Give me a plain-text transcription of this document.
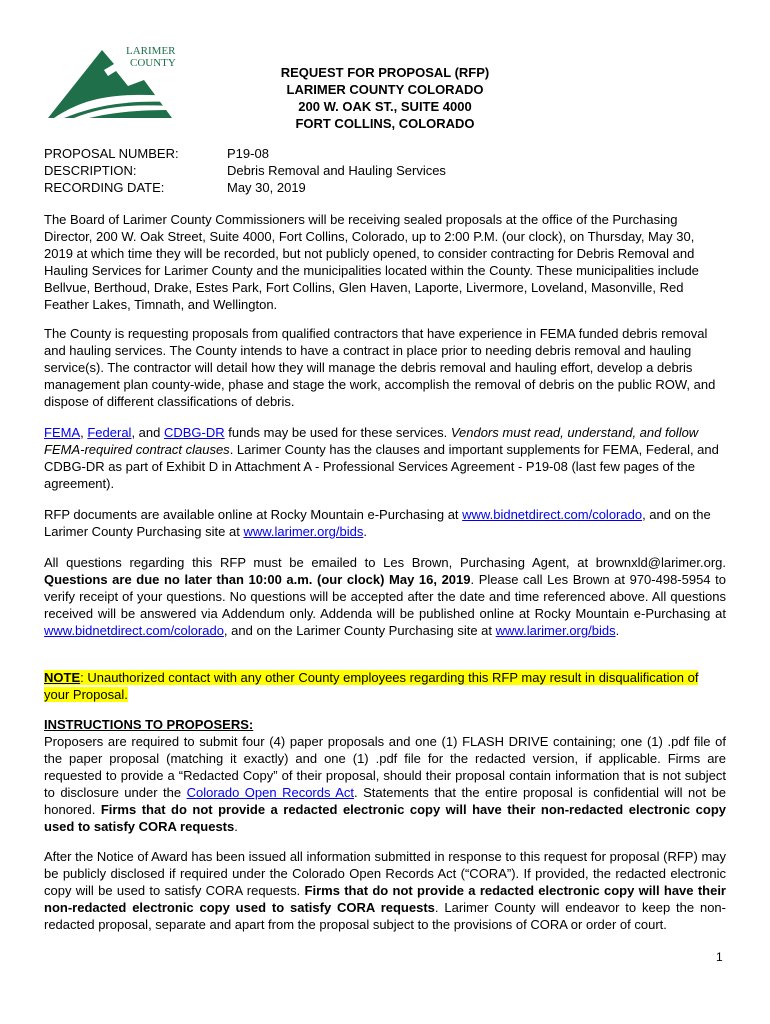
LARIMER
COUNTY
REQUEST FOR PROPOSAL (RFP)
LARIMER COUNTY COLORADO
200 W. OAK ST., SUITE 4000
FORT COLLINS, COLORADO
PROPOSAL NUMBER:	P19-08
DESCRIPTION:	Debris Removal and Hauling Services
RECORDING DATE:	May 30, 2019
The Board of Larimer County Commissioners will be receiving sealed proposals at the office of the Purchasing Director, 200 W. Oak Street, Suite 4000, Fort Collins, Colorado, up to 2:00 P.M. (our clock), on Thursday, May 30, 2019 at which time they will be recorded, but not publicly opened, to consider contracting for Debris Removal and Hauling Services for Larimer County and the municipalities located within the County. These municipalities include Bellvue, Berthoud, Drake, Estes Park, Fort Collins, Glen Haven, Laporte, Livermore, Loveland, Masonville, Red Feather Lakes, Timnath, and Wellington.
The County is requesting proposals from qualified contractors that have experience in FEMA funded debris removal and hauling services. The County intends to have a contract in place prior to needing debris removal and hauling service(s). The contractor will detail how they will manage the debris removal and hauling effort, develop a debris management plan county-wide, phase and stage the work, accomplish the removal of debris on the public ROW, and dispose of different classifications of debris.
FEMA, Federal, and CDBG-DR funds may be used for these services. Vendors must read, understand, and follow FEMA-required contract clauses. Larimer County has the clauses and important supplements for FEMA, Federal, and CDBG-DR as part of Exhibit D in Attachment A - Professional Services Agreement - P19-08 (last few pages of the agreement).
RFP documents are available online at Rocky Mountain e-Purchasing at www.bidnetdirect.com/colorado, and on the Larimer County Purchasing site at www.larimer.org/bids.
All questions regarding this RFP must be emailed to Les Brown, Purchasing Agent, at brownxld@larimer.org. Questions are due no later than 10:00 a.m. (our clock) May 16, 2019. Please call Les Brown at 970-498-5954 to verify receipt of your questions. No questions will be accepted after the date and time referenced above. All questions received will be answered via Addendum only. Addenda will be published online at Rocky Mountain e-Purchasing at www.bidnetdirect.com/colorado, and on the Larimer County Purchasing site at www.larimer.org/bids.
NOTE: Unauthorized contact with any other County employees regarding this RFP may result in disqualification of your Proposal.
INSTRUCTIONS TO PROPOSERS:
Proposers are required to submit four (4) paper proposals and one (1) FLASH DRIVE containing; one (1) .pdf file of the paper proposal (matching it exactly) and one (1) .pdf file for the redacted version, if applicable. Firms are requested to provide a “Redacted Copy” of their proposal, should their proposal contain information that is not subject to disclosure under the Colorado Open Records Act. Statements that the entire proposal is confidential will not be honored. Firms that do not provide a redacted electronic copy will have their non-redacted electronic copy used to satisfy CORA requests.
After the Notice of Award has been issued all information submitted in response to this request for proposal (RFP) may be publicly disclosed if required under the Colorado Open Records Act (“CORA”). If provided, the redacted electronic copy will be used to satisfy CORA requests. Firms that do not provide a redacted electronic copy will have their non-redacted electronic copy used to satisfy CORA requests. Larimer County will endeavor to keep the non-redacted proposal, separate and apart from the proposal subject to the provisions of CORA or order of court.
1
